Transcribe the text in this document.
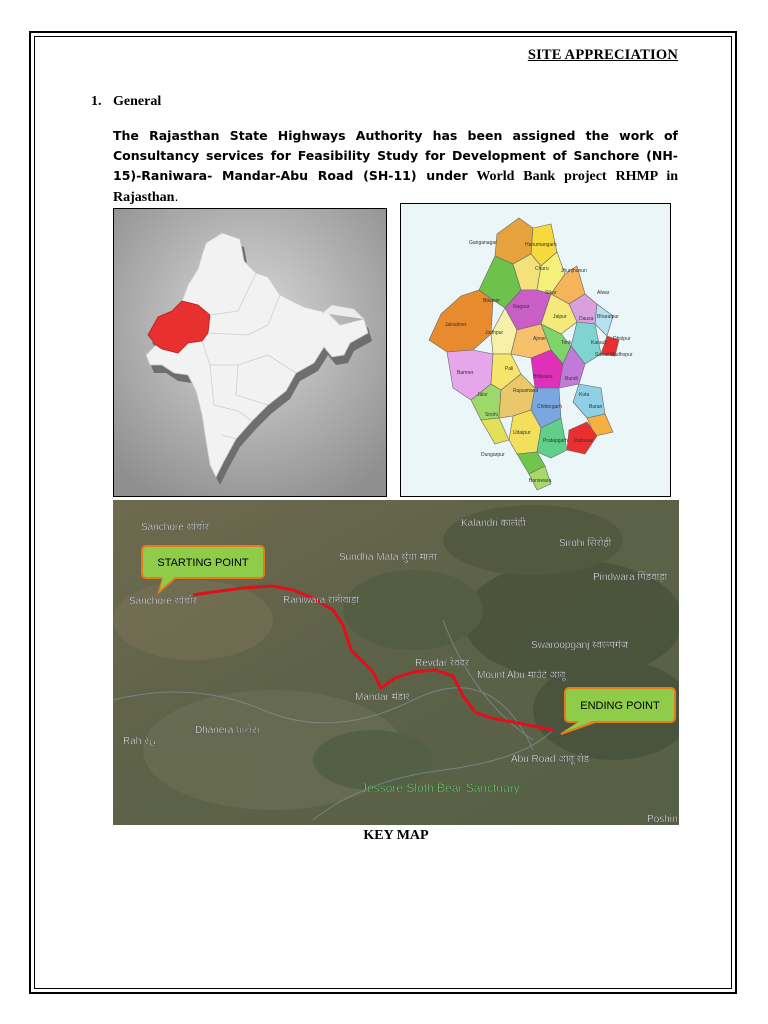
SITE APPRECIATION
1. General
The Rajasthan State Highways Authority has been assigned the work of Consultancy services for Feasibility Study for Development of Sanchore (NH-15)-Raniwara- Mandar-Abu Road (SH-11) under World Bank project RHMP in Rajasthan.
Ganganagar	Hanumangarh
Churu Jhunjhunun
Alwar
Bikaner
Sikar
Bharatpur
Jaisalmer
Nagaur
Jaipur Dausa
Dholpur
Jodhpur
Ajmer
Tonk	Karauli
Sawai Madhopur
Barmer
Pali
Bhilwara	Bundi
Kota
Jalor
Rajsamand
Chittorgarh	Baran
Sirohi
Udaipur
Jhalawar
Dungarpur
Pratapgarh
Banswara
Sanchore सांचौर	Raniwara रानीवाड़ा
Mandar मंडार
Revdar रेवदर
Abu Road आबू रोड
Mount Abu माउंट आबू
Swaroopganj स्वरूपगंज
Dhanera ધાનેરા
Rah રહ
Sundha Mata सुंधा माता
Kalandri कालंद्री
Sirohi सिरोही
Pindwara पिंडवाड़ा
Sanchore सांचोर
Poshin
Jessore Sloth Bear Sanctuary
STARTING POINT
ENDING POINT
KEY MAP
